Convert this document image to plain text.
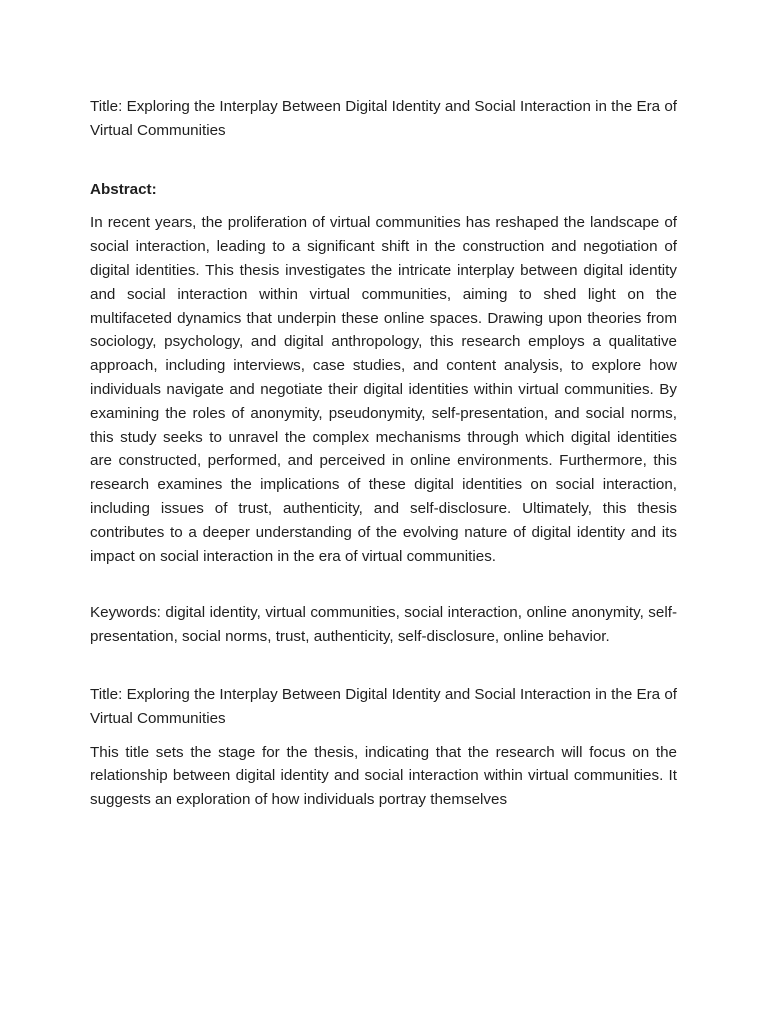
Title: Exploring the Interplay Between Digital Identity and Social Interaction in the Era of Virtual Communities

Abstract:

In recent years, the proliferation of virtual communities has reshaped the landscape of social interaction, leading to a significant shift in the construction and negotiation of digital identities. This thesis investigates the intricate interplay between digital identity and social interaction within virtual communities, aiming to shed light on the multifaceted dynamics that underpin these online spaces. Drawing upon theories from sociology, psychology, and digital anthropology, this research employs a qualitative approach, including interviews, case studies, and content analysis, to explore how individuals navigate and negotiate their digital identities within virtual communities. By examining the roles of anonymity, pseudonymity, self-presentation, and social norms, this study seeks to unravel the complex mechanisms through which digital identities are constructed, performed, and perceived in online environments. Furthermore, this research examines the implications of these digital identities on social interaction, including issues of trust, authenticity, and self-disclosure. Ultimately, this thesis contributes to a deeper understanding of the evolving nature of digital identity and its impact on social interaction in the era of virtual communities.

Keywords: digital identity, virtual communities, social interaction, online anonymity, self-presentation, social norms, trust, authenticity, self-disclosure, online behavior.

Title: Exploring the Interplay Between Digital Identity and Social Interaction in the Era of Virtual Communities

This title sets the stage for the thesis, indicating that the research will focus on the relationship between digital identity and social interaction within virtual communities. It suggests an exploration of how individuals portray themselves
